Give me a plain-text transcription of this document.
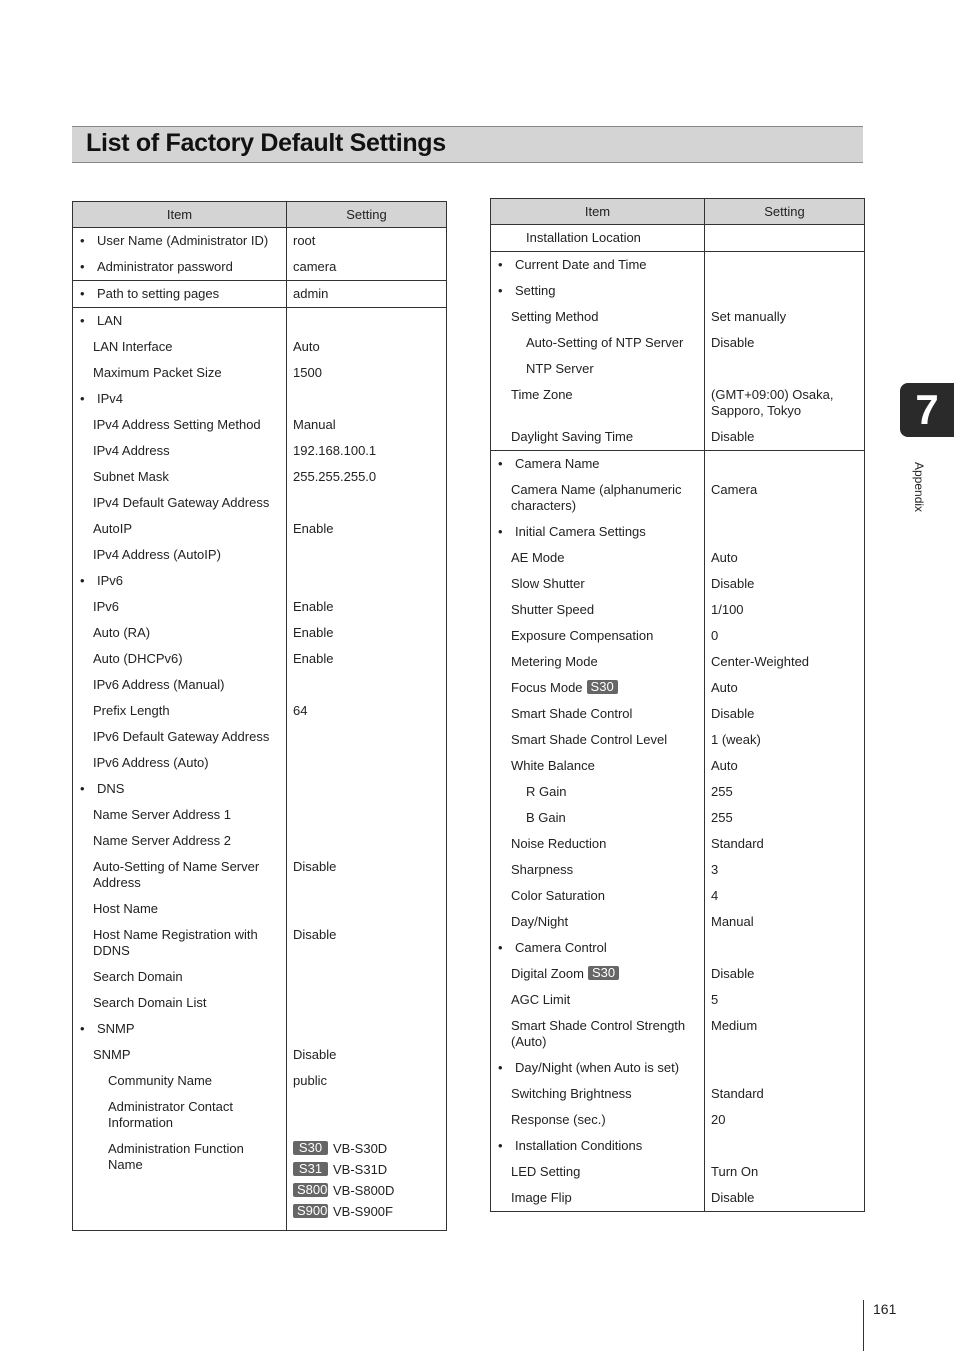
List of Factory Default Settings
Item	Setting

• User Name (Administrator ID)	root

• Administrator password	camera

• Path to setting pages	admin

• LAN	
LAN Interface	Auto
Maximum Packet Size	1500

• IPv4	
IPv4 Address Setting Method	Manual
IPv4 Address	192.168.100.1
Subnet Mask	255.255.255.0
IPv4 Default Gateway Address	
AutoIP	Enable
IPv4 Address (AutoIP)	

• IPv6	
IPv6	Enable
Auto (RA)	Enable
Auto (DHCPv6)	Enable
IPv6 Address (Manual)	
Prefix Length	64
IPv6 Default Gateway Address	
IPv6 Address (Auto)	

• DNS	
Name Server Address 1	
Name Server Address 2	
Auto-Setting of Name Server Address	Disable
Host Name	
Host Name Registration with DDNS	Disable
Search Domain	
Search Domain List	

• SNMP	
SNMP	Disable
Community Name	public
Administrator Contact Information	
Administration Function Name	S30 VB-S30D
S31 VB-S31D
S800 VB-S800D
S900 VB-S900F
Item	Setting
Installation Location	

• Current Date and Time	

• Setting	
Setting Method	Set manually
Auto-Setting of NTP Server	Disable
NTP Server	
Time Zone	(GMT+09:00) Osaka, Sapporo, Tokyo
Daylight Saving Time	Disable

• Camera Name	
Camera Name (alphanumeric characters)	Camera

• Initial Camera Settings	
AE Mode	Auto
Slow Shutter	Disable
Shutter Speed	1/100
Exposure Compensation	0
Metering Mode	Center-Weighted
Focus Mode S30	Auto
Smart Shade Control	Disable
Smart Shade Control Level	1 (weak)
White Balance	Auto
R Gain	255
B Gain	255
Noise Reduction	Standard
Sharpness	3
Color Saturation	4
Day/Night	Manual

• Camera Control	
Digital Zoom S30	Disable
AGC Limit	5
Smart Shade Control Strength (Auto)	Medium

• Day/Night (when Auto is set)	
Switching Brightness	Standard
Response (sec.)	20

• Installation Conditions	
LED Setting	Turn On
Image Flip	Disable
7
Appendix
161
